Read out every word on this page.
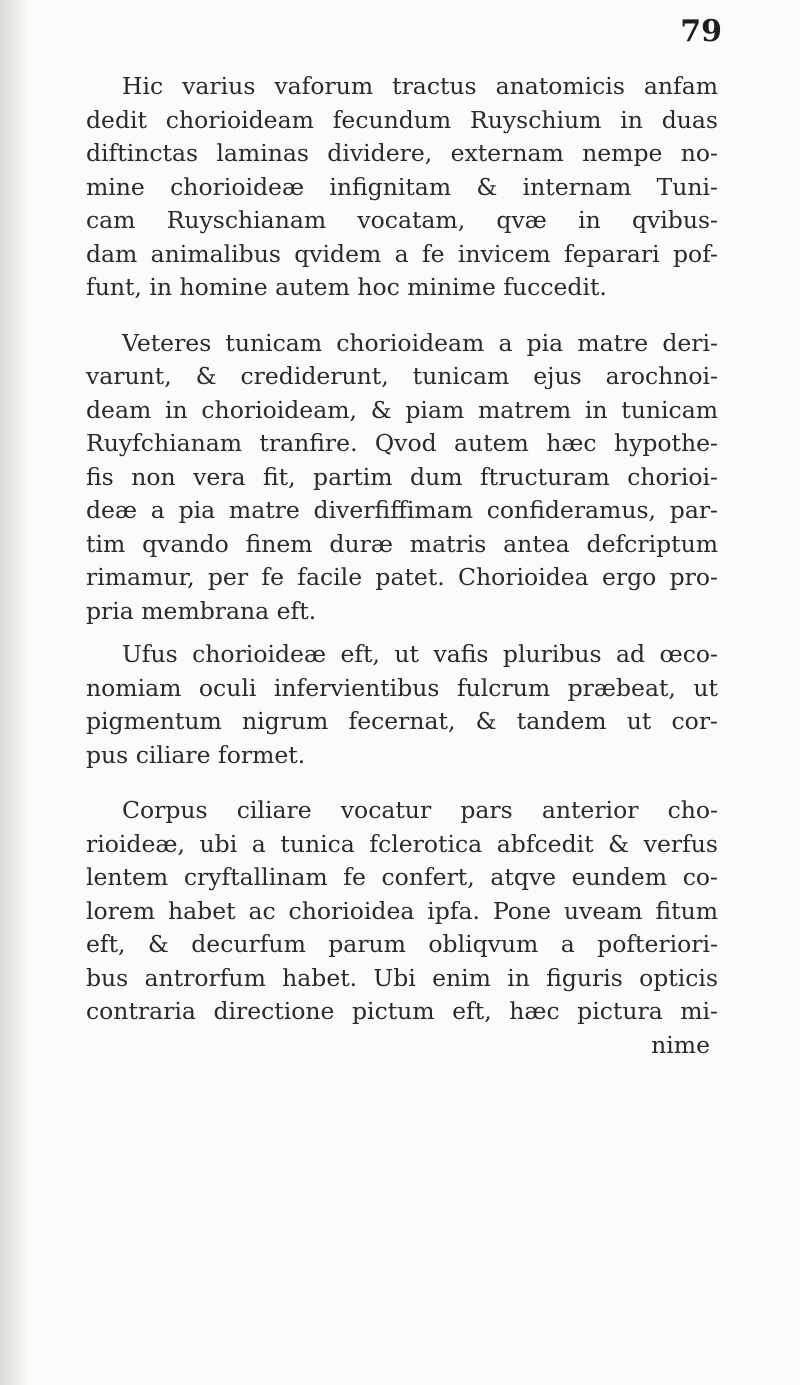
79
Hic varius vaforum tractus anatomicis anfam
dedit chorioideam fecundum Ruyschium in duas
diftinctas laminas dividere, externam nempe no-
mine chorioideæ infignitam & internam Tuni-
cam Ruyschianam vocatam, qvæ in qvibus-
dam animalibus qvidem a fe invicem feparari pof-
funt, in homine autem hoc minime fuccedit.
Veteres tunicam chorioideam a pia matre deri-
varunt, & crediderunt, tunicam ejus arochnoi-
deam in chorioideam, & piam matrem in tunicam
Ruyfchianam tranfire. Qvod autem hæc hypothe-
fis non vera fit, partim dum ftructuram chorioi-
deæ a pia matre diverfiffimam confideramus, par-
tim qvando finem duræ matris antea defcriptum
rimamur, per fe facile patet. Chorioidea ergo pro-
pria membrana eft.
Ufus chorioideæ eft, ut vafis pluribus ad œco-
nomiam oculi infervientibus fulcrum præbeat, ut
pigmentum nigrum fecernat, & tandem ut cor-
pus ciliare formet.
Corpus ciliare vocatur pars anterior cho-
rioideæ, ubi a tunica fclerotica abfcedit & verfus
lentem cryftallinam fe confert, atqve eundem co-
lorem habet ac chorioidea ipfa. Pone uveam fitum
eft, & decurfum parum obliqvum a pofteriori-
bus antrorfum habet. Ubi enim in figuris opticis
contraria directione pictum eft, hæc pictura mi-
nime
